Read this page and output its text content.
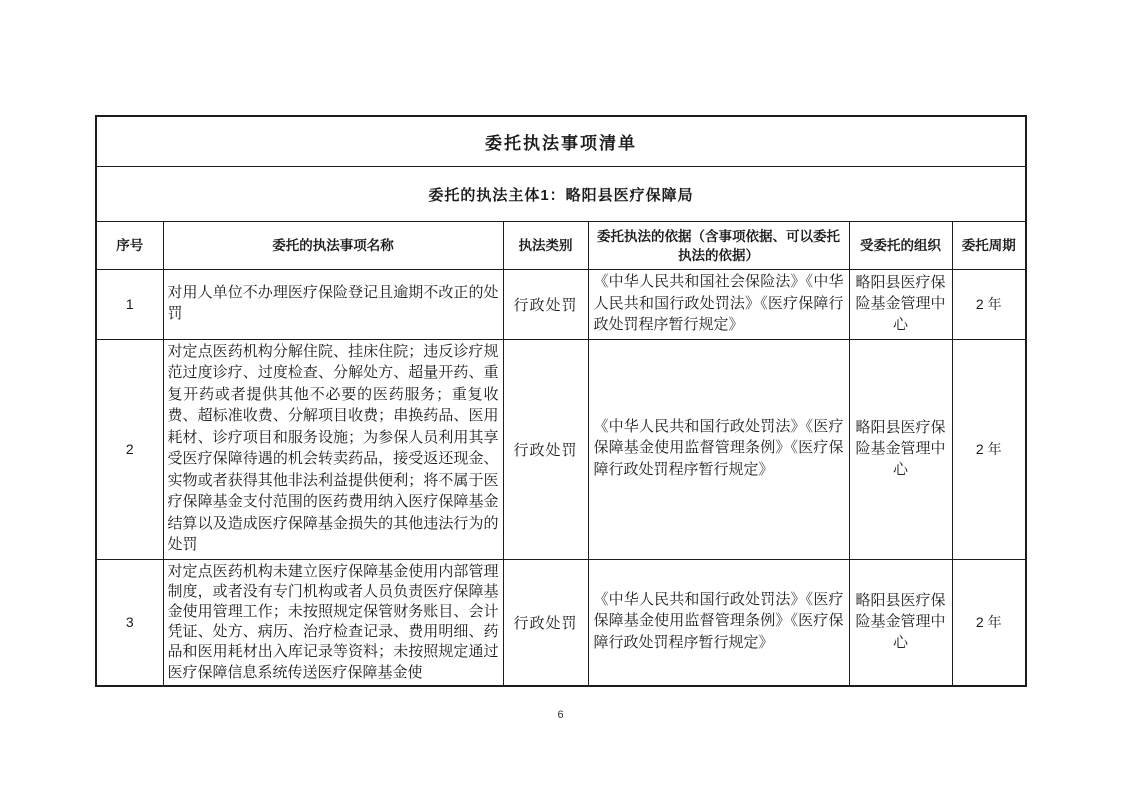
委托执法事项清单					
委托的执法主体1：略阳县医疗保障局					
序号	委托的执法事项名称	执法类别	委托执法的依据（含事项依据、可以委托执法的依据）	受委托的组织	委托周期
1	对用人单位不办理医疗保险登记且逾期不改正的处罚	行政处罚	《中华人民共和国社会保险法》《中华人民共和国行政处罚法》《医疗保障行政处罚程序暂行规定》	略阳县医疗保险基金管理中心	2 年
2	对定点医药机构分解住院、挂床住院；违反诊疗规范过度诊疗、过度检查、分解处方、超量开药、重复开药或者提供其他不必要的医药服务；重复收费、超标准收费、分解项目收费；串换药品、医用耗材、诊疗项目和服务设施；为参保人员利用其享受医疗保障待遇的机会转卖药品，接受返还现金、实物或者获得其他非法利益提供便利；将不属于医疗保障基金支付范围的医药费用纳入医疗保障基金结算以及造成医疗保障基金损失的其他违法行为的处罚	行政处罚	《中华人民共和国行政处罚法》《医疗保障基金使用监督管理条例》《医疗保障行政处罚程序暂行规定》	略阳县医疗保险基金管理中心	2 年
3	对定点医药机构未建立医疗保障基金使用内部管理制度，或者没有专门机构或者人员负责医疗保障基金使用管理工作；未按照规定保管财务账目、会计凭证、处方、病历、治疗检查记录、费用明细、药品和医用耗材出入库记录等资料；未按照规定通过医疗保障信息系统传送医疗保障基金使	行政处罚	《中华人民共和国行政处罚法》《医疗保障基金使用监督管理条例》《医疗保障行政处罚程序暂行规定》	略阳县医疗保险基金管理中心	2 年
6
